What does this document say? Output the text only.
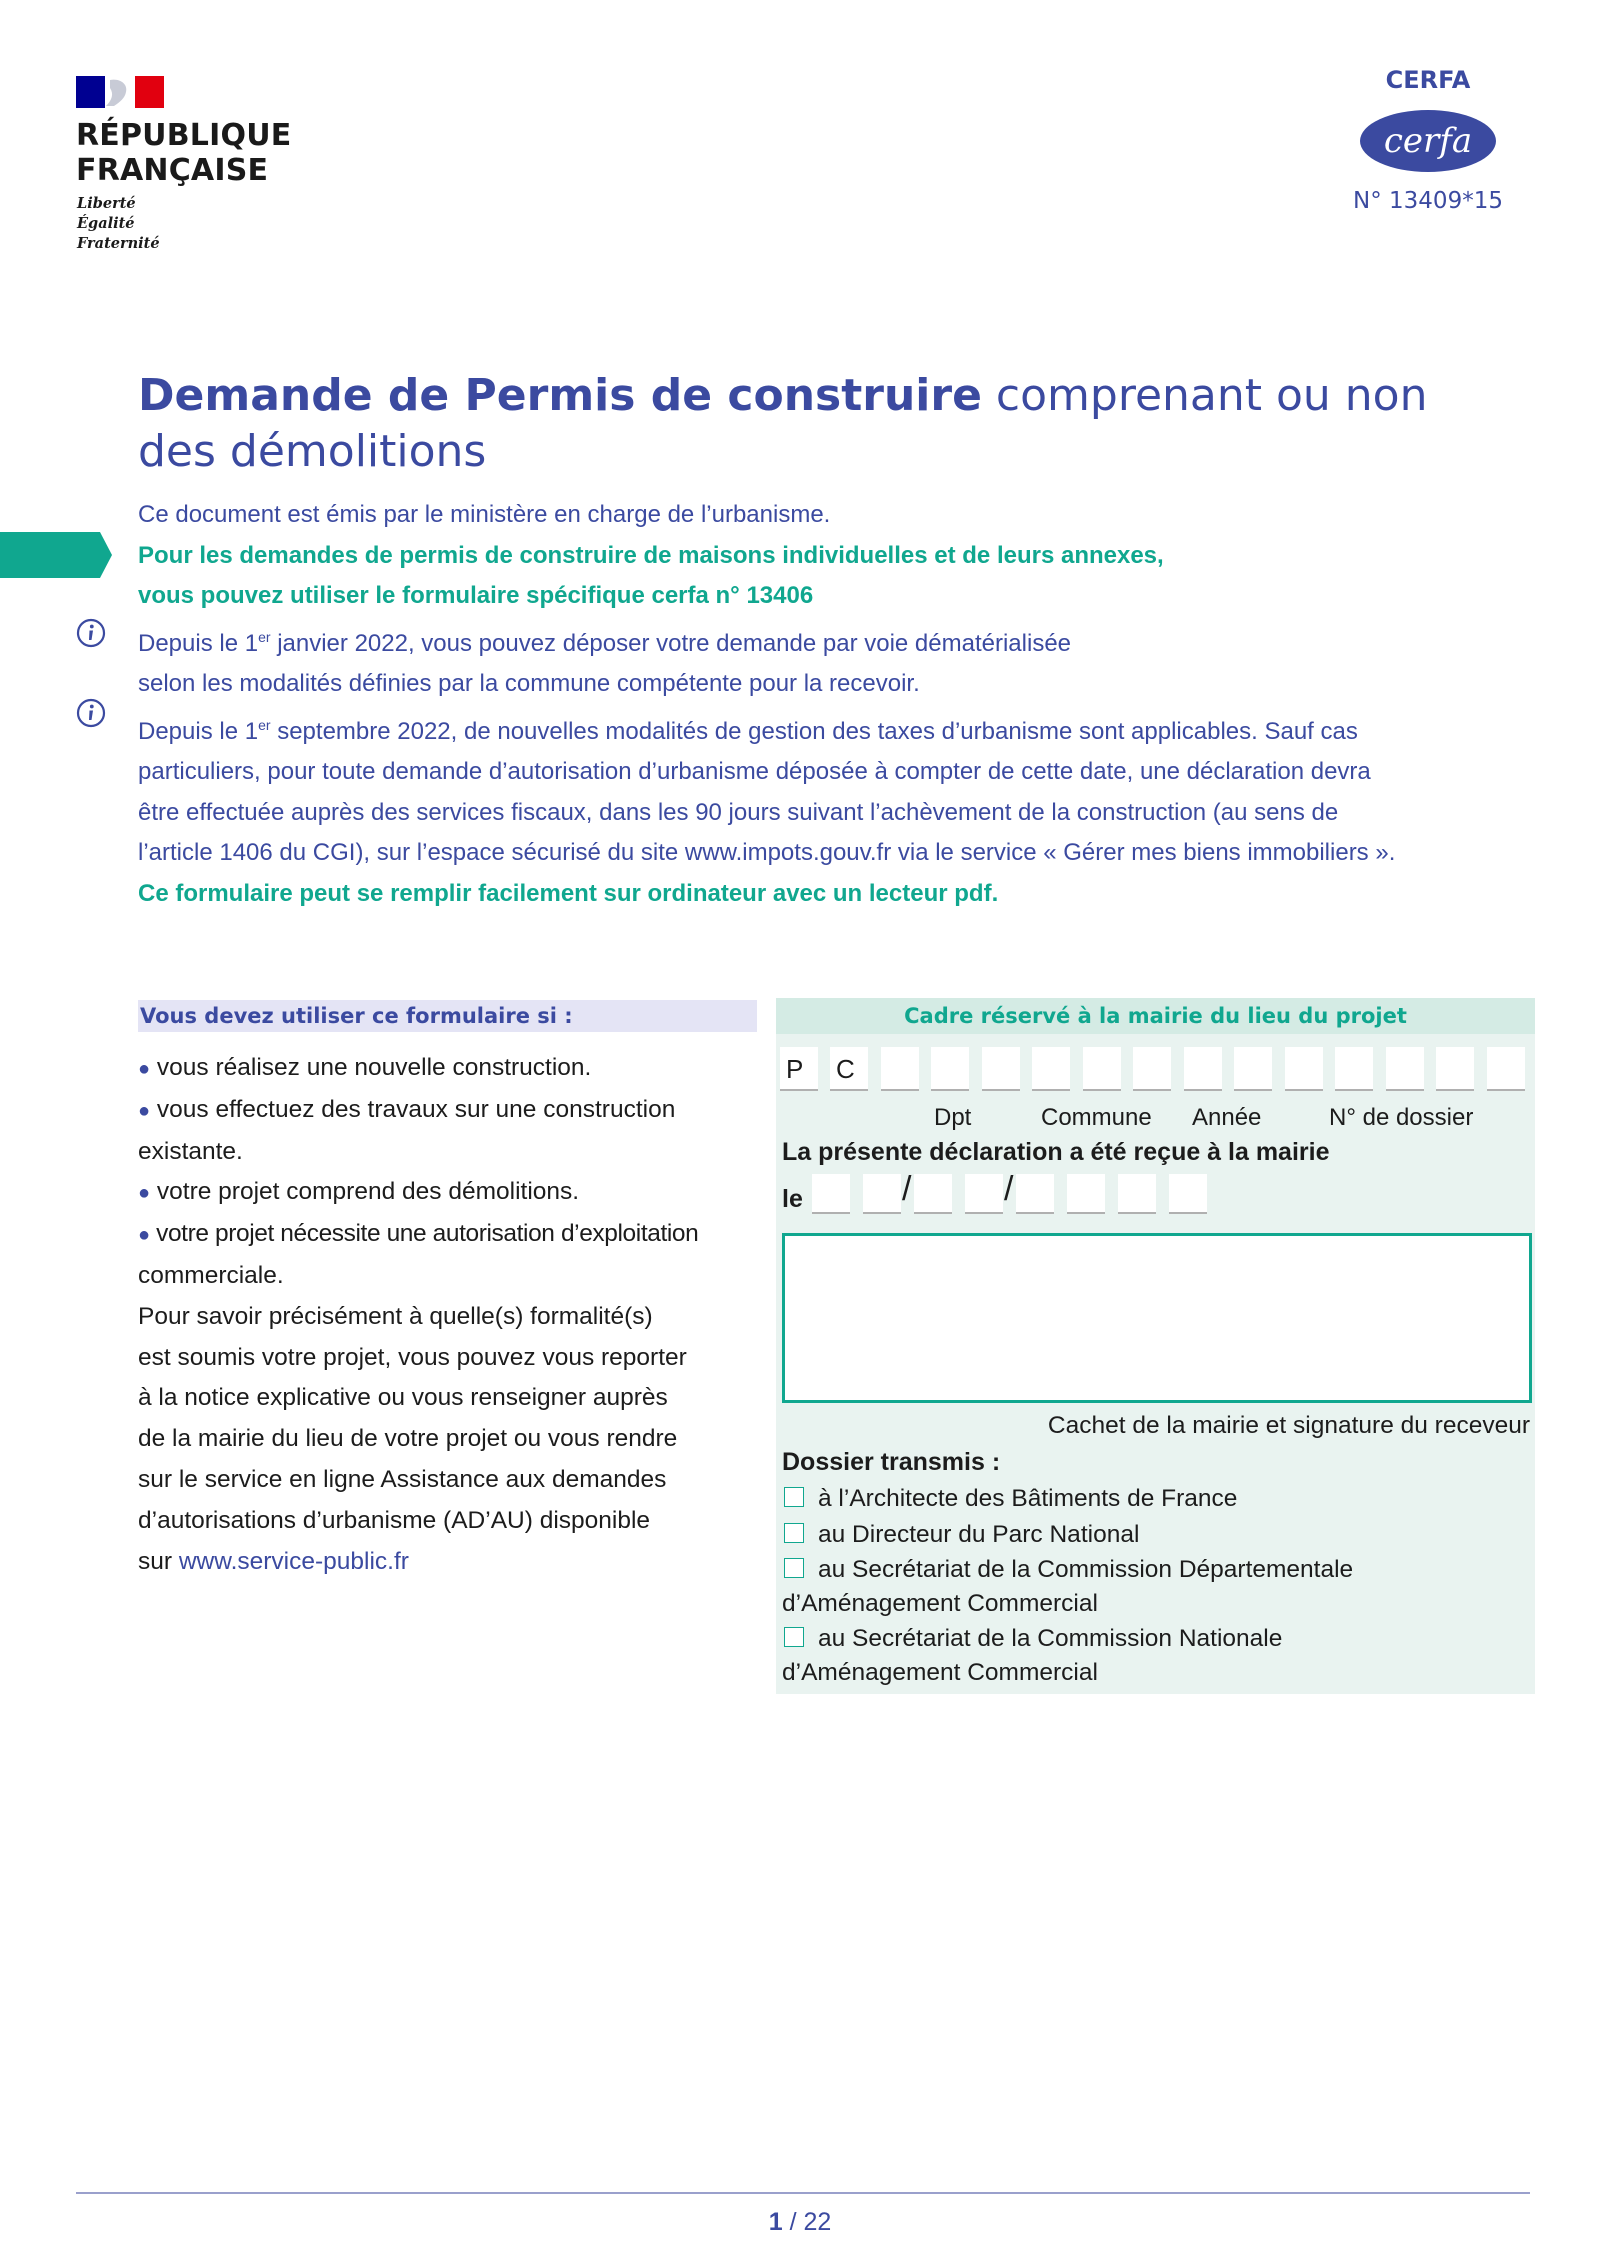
RÉPUBLIQUE
FRANÇAISE
Liberté
Égalité
Fraternité
CERFA
cerfa
N° 13409*15
Demande de Permis de construire comprenant ou non
des démolitions
Ce document est émis par le ministère en charge de l’urbanisme.
Pour les demandes de permis de construire de maisons individuelles et de leurs annexes,
vous pouvez utiliser le formulaire spécifique cerfa n° 13406
Depuis le 1er janvier 2022, vous pouvez déposer votre demande par voie dématérialisée
selon les modalités définies par la commune compétente pour la recevoir.
Depuis le 1er septembre 2022, de nouvelles modalités de gestion des taxes d’urbanisme sont applicables. Sauf cas
particuliers, pour toute demande d’autorisation d’urbanisme déposée à compter de cette date, une déclaration devra
être effectuée auprès des services fiscaux, dans les 90 jours suivant l’achèvement de la construction (au sens de
l’article 1406 du CGI), sur l’espace sécurisé du site www.impots.gouv.fr via le service « Gérer mes biens immobiliers ».
Ce formulaire peut se remplir facilement sur ordinateur avec un lecteur pdf.
Vous devez utiliser ce formulaire si :
● vous réalisez une nouvelle construction.
● vous effectuez des travaux sur une construction
existante.
● votre projet comprend des démolitions.
● votre projet nécessite une autorisation d’exploitation
commerciale.
Pour savoir précisément à quelle(s) formalité(s)
est soumis votre projet, vous pouvez vous reporter
à la notice explicative ou vous renseigner auprès
de la mairie du lieu de votre projet ou vous rendre
sur le service en ligne Assistance aux demandes
d’autorisations d’urbanisme (AD’AU) disponible
sur www.service-public.fr
Cadre réservé à la mairie du lieu du projet
P	C
Dpt	Commune Année	N° de dossier
La présente déclaration a été reçue à la mairie
le	/	/
Cachet de la mairie et signature du receveur
Dossier transmis :
à l’Architecte des Bâtiments de France
au Directeur du Parc National
au Secrétariat de la Commission Départementale
d’Aménagement Commercial
au Secrétariat de la Commission Nationale
d’Aménagement Commercial
1 / 22
